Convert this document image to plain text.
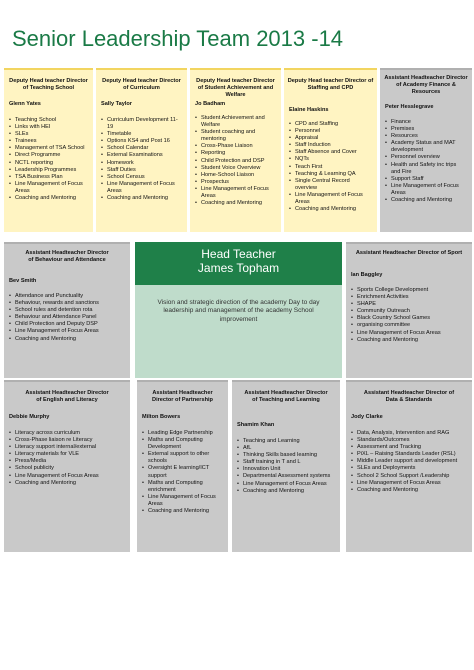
Senior Leadership Team 2013 -14
Deputy Head teacher Director of Teaching School
Glenn Yates
• Teaching School
• Links with HEI
• SLEs
• Trainees
• Management of TSA School
• Direct Programme
• NCTL reporting
• Leadership Programmes
• TSA Business Plan
• Line Management of Focus Areas
• Coaching and Mentoring
Deputy Head teacher Director of Curriculum
Sally Taylor
• Curriculum Development 11-19
• Timetable
• Options KS4 and Post 16
• School Calendar
• External Examinations
• Homework
• Staff Duties
• School Census
• Line Management of Focus Areas
• Coaching and Mentoring
Deputy Head teacher Director of Student Achievement and Welfare
Jo Badham
• Student Achievement and Welfare
• Student coaching and mentoring
• Cross-Phase Liaison
• Reporting
• Child Protection and DSP
• Student Voice Overview
• Home-School Liaison
• Prospectus
• Line Management of Focus Areas
• Coaching and Mentoring
Deputy Head teacher Director of Staffing and CPD
Elaine Haskins
• CPD and Staffing
• Personnel
• Appraisal
• Staff Induction
• Staff Absence and Cover
• NQTs
• Teach First
• Teaching & Learning QA
• Single Central Record overview
• Line Management of Focus Areas
• Coaching and Mentoring
Assistant Headteacher Director of Academy Finance & Resources
Peter Hesslegrave
• Finance
• Premises
• Resources
• Academy Status and MAT development
• Personnel overview
• Health and Safety inc trips and Fire
• Support Staff
• Line Management of Focus Areas
• Coaching and Mentoring
Assistant Headteacher Director of Behaviour and Attendance
Bev Smith
• Attendance and Punctuality
• Behaviour, rewards and sanctions
• School rules and detention rota
• Behaviour and Attendance Panel
• Child Protection and Deputy DSP
• Line Management of Focus Areas
• Coaching and Mentoring
Head Teacher
James Topham
Vision and strategic direction of the academy Day to day leadership and management of the academy School improvement
Assistant Headteacher Director of Sport
Ian Baggley
• Sports College Development
• Enrichment Activities
• SHAPE
• Community Outreach
• Black Country School Games
• organising committee
• Line Management of Focus Areas
• Coaching and Mentoring
Assistant Headteacher Director of English and Literacy
Debbie Murphy
• Literacy across curriculum
• Cross-Phase liaison re Literacy
• Literacy support internal/external
• Literacy materials for VLE
• Press/Media
• School publicity
• Line Management of Focus Areas
• Coaching and Mentoring
Assistant Headteacher Director of Partnership
Milton Bowers
• Leading Edge Partnership
• Maths and Computing Development
• External support to other schools
• Oversight E learning/ICT support
• Maths and Computing enrichment
• Line Management of Focus Areas
• Coaching and Mentoring
Assistant Headteacher Director of Teaching and Learning
Shamim Khan
• Teaching and Learning
• AfL
• Thinking Skills based learning
• Staff training in T and L
• Innovation Unit
• Departmental Assessment systems
• Line Management of Focus Areas
• Coaching and Mentoring
Assistant Headteacher Director of Data & Standards
Jody Clarke
• Data, Analysis, Intervention and RAG
• Standards/Outcomes
• Assessment and Tracking
• PiXL – Raising Standards Leader (RSL)
• Middle Leader support and development
• SLEs and Deployments
• School 2 School Support /Leadership
• Line Management of Focus Areas
• Coaching and Mentoring
